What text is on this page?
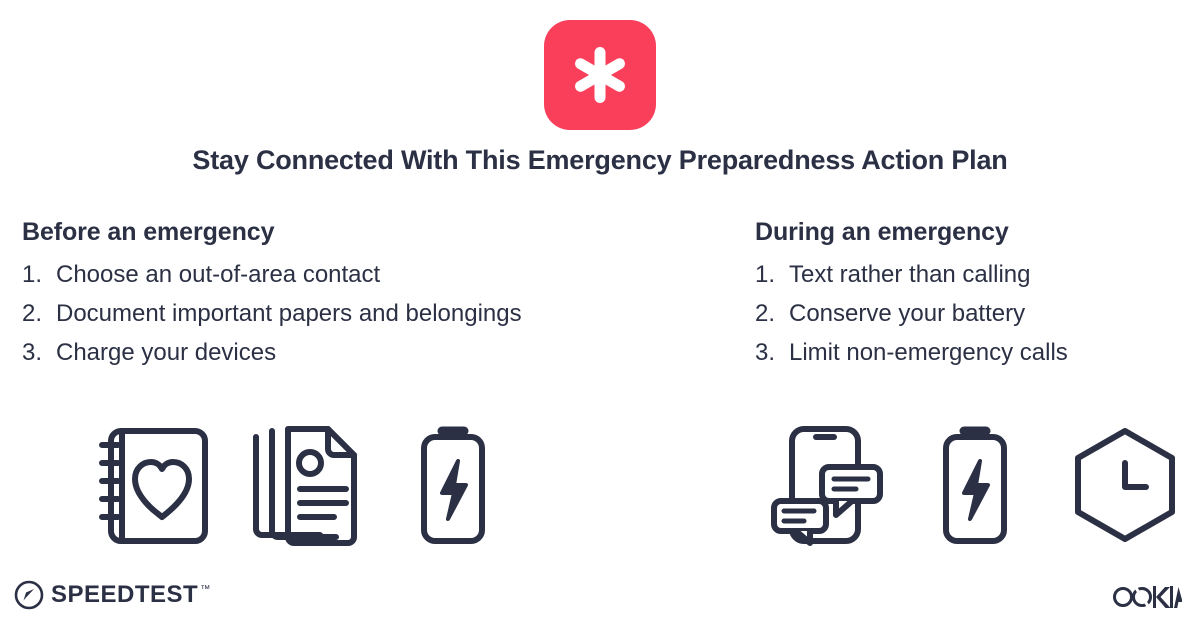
Stay Connected With This Emergency Preparedness Action Plan
Before an emergency
1. Choose an out-of-area contact
2. Document important papers and belongings
3. Charge your devices
During an emergency
1. Text rather than calling
2. Conserve your battery
3. Limit non-emergency calls
SPEEDTEST ™
